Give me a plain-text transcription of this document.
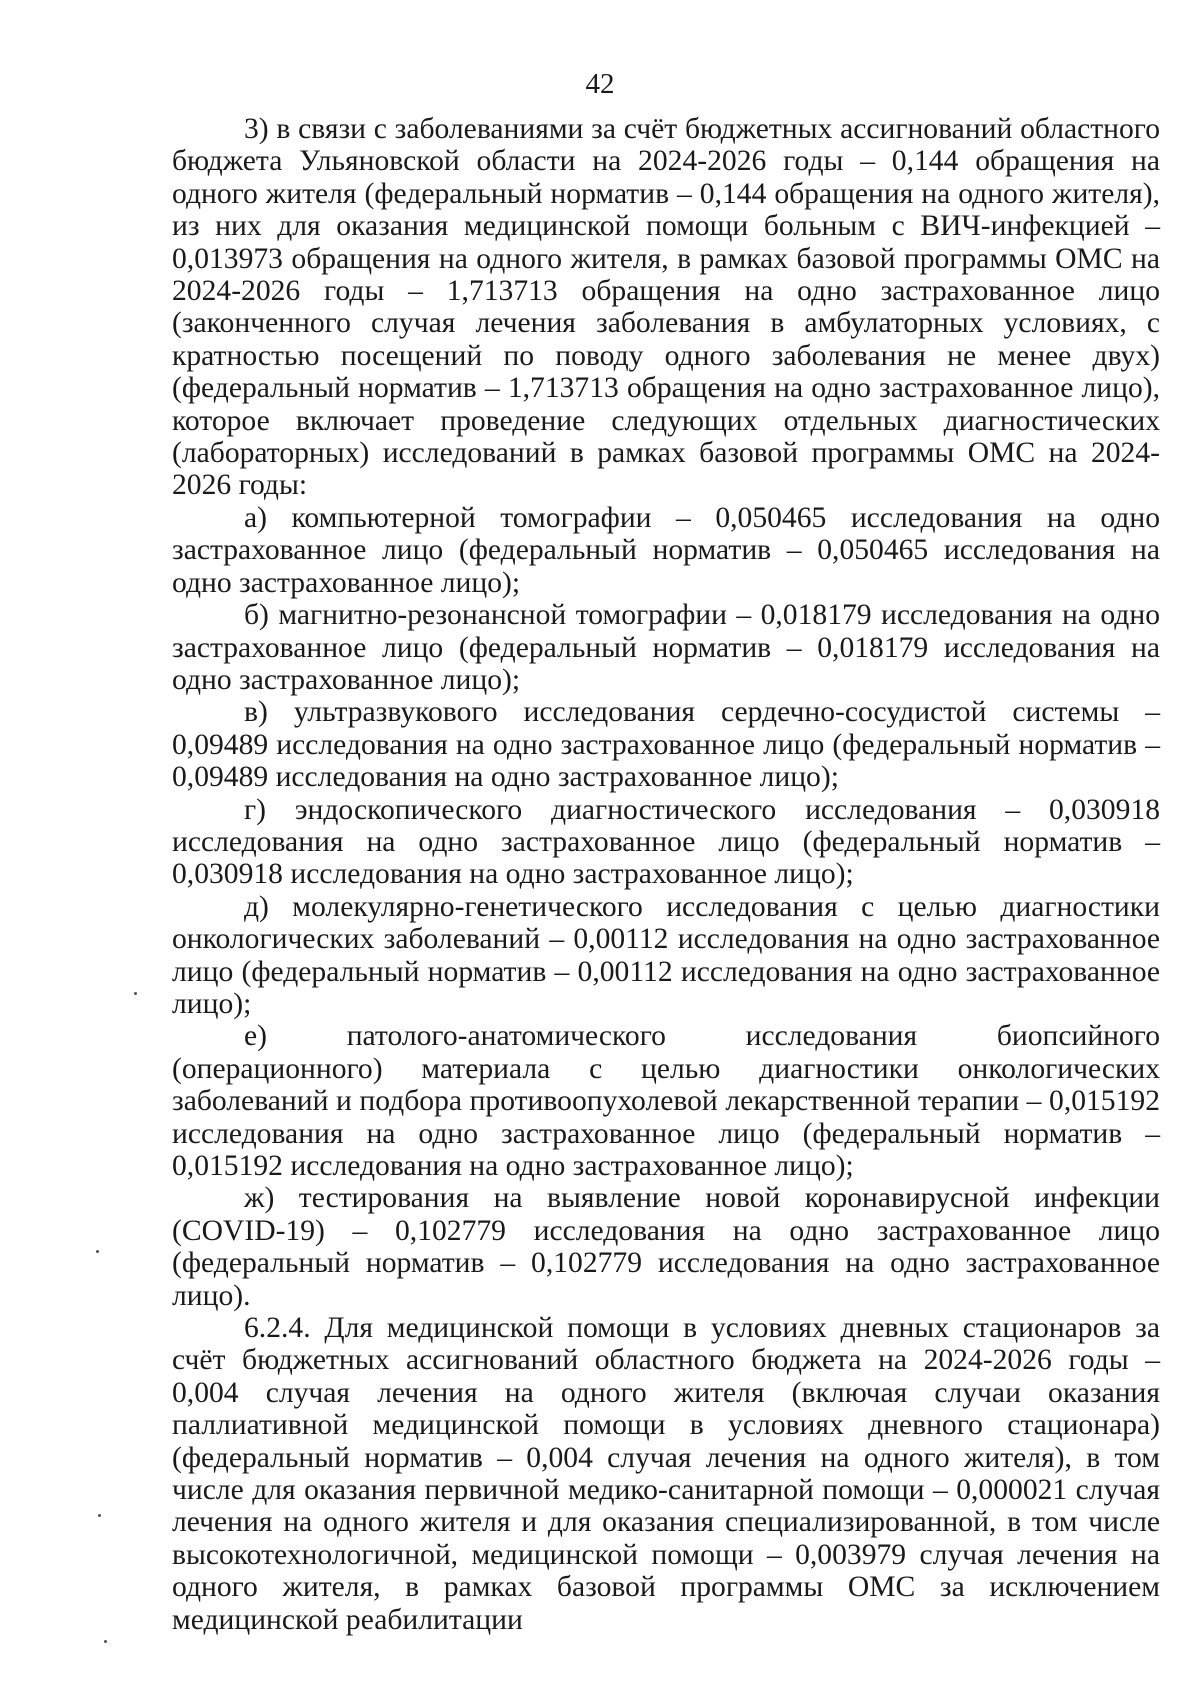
42

3) в связи с заболеваниями за счёт бюджетных ассигнований областного бюджета Ульяновской области на 2024-2026 годы – 0,144 обращения на одного жителя (федеральный норматив – 0,144 обращения на одного жителя), из них для оказания медицинской помощи больным с ВИЧ-инфекцией – 0,013973 обращения на одного жителя, в рамках базовой программы ОМС на 2024-2026 годы – 1,713713 обращения на одно застрахованное лицо (законченного случая лечения заболевания в амбулаторных условиях, с кратностью посещений по поводу одного заболевания не менее двух) (федеральный норматив – 1,713713 обращения на одно застрахованное лицо), которое включает проведение следующих отдельных диагностических (лабораторных) исследований в рамках базовой программы ОМС на 2024-2026 годы:

а) компьютерной томографии – 0,050465 исследования на одно застрахованное лицо (федеральный норматив – 0,050465 исследования на одно застрахованное лицо);

б) магнитно-резонансной томографии – 0,018179 исследования на одно застрахованное лицо (федеральный норматив – 0,018179 исследования на одно застрахованное лицо);

в) ультразвукового исследования сердечно-сосудистой системы – 0,09489 исследования на одно застрахованное лицо (федеральный норматив – 0,09489 исследования на одно застрахованное лицо);

г) эндоскопического диагностического исследования – 0,030918 исследования на одно застрахованное лицо (федеральный норматив – 0,030918 исследования на одно застрахованное лицо);

д) молекулярно-генетического исследования с целью диагностики онкологических заболеваний – 0,00112 исследования на одно застрахованное лицо (федеральный норматив – 0,00112 исследования на одно застрахованное лицо);

е) патолого-анатомического исследования биопсийного (операционного) материала с целью диагностики онкологических заболеваний и подбора противоопухолевой лекарственной терапии – 0,015192 исследования на одно застрахованное лицо (федеральный норматив – 0,015192 исследования на одно застрахованное лицо);

ж) тестирования на выявление новой коронавирусной инфекции (COVID-19) – 0,102779 исследования на одно застрахованное лицо (федеральный норматив – 0,102779 исследования на одно застрахованное лицо).

6.2.4. Для медицинской помощи в условиях дневных стационаров за счёт бюджетных ассигнований областного бюджета на 2024-2026 годы – 0,004 случая лечения на одного жителя (включая случаи оказания паллиативной медицинской помощи в условиях дневного стационара) (федеральный норматив – 0,004 случая лечения на одного жителя), в том числе для оказания первичной медико-санитарной помощи – 0,000021 случая лечения на одного жителя и для оказания специализированной, в том числе высокотехнологичной, медицинской помощи – 0,003979 случая лечения на одного жителя, в рамках базовой программы ОМС за исключением медицинской реабилитации
